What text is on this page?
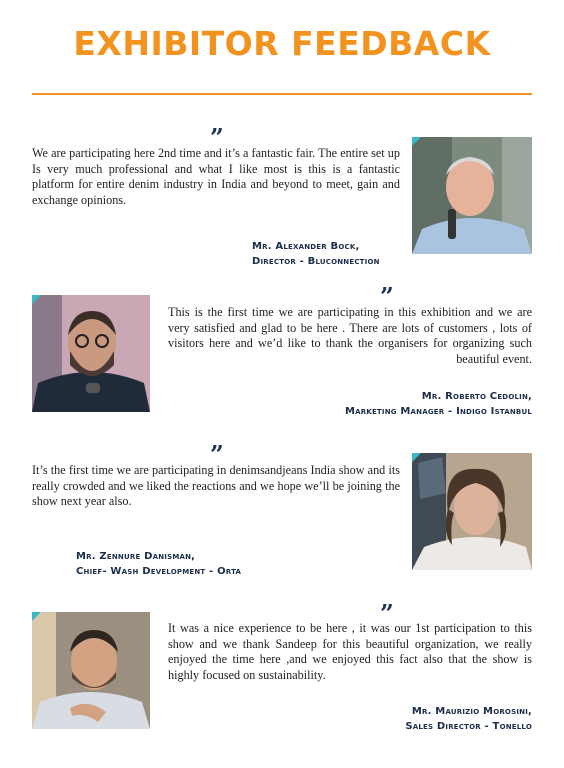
EXHIBITOR FEEDBACK
”

We are participating here 2nd time and it’s a fantastic fair. The entire set up Is very much professional and what I like most is this is a fantastic platform for entire denim industry in India and beyond to meet, gain and exchange opinions.

Mr. Alexander Bock,
Director - Bluconnection
”

This is the first time we are participating in this exhibition and we are very satisfied and glad to be here . There are lots of customers , lots of visitors here and we’d like to thank the organisers for organizing such beautiful event.

Mr. Roberto Cedolin,
Marketing Manager - Indigo Istanbul
”

It’s the first time we are participating in denimsandjeans India show and its really crowded and we liked the reactions and we hope we’ll be joining the show next year also.

Mr. Zennure Danisman,
Chief- Wash Development - Orta
”

It was a nice experience to be here , it was our 1st participation to this show and we thank Sandeep for this beautiful organization, we really enjoyed the time here ,and we enjoyed this fact also that the show is highly focused on sustainability.

Mr. Maurizio Morosini,
Sales Director - Tonello
